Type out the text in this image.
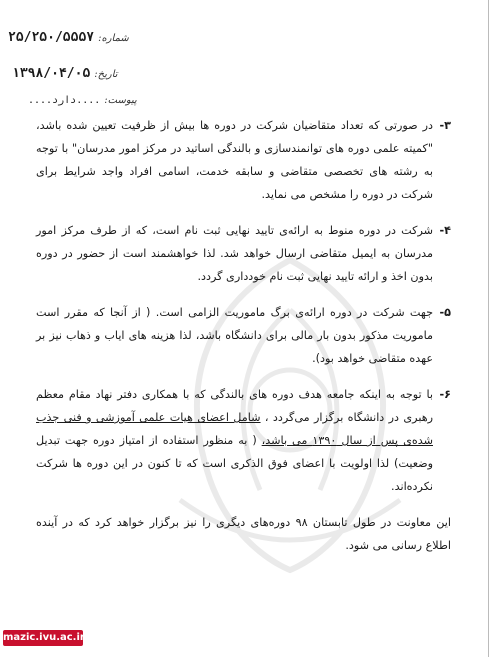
شماره:
۲۵/۲۵۰/۵۵۵۷
تاریخ:
۱۳۹۸/۰۴/۰۵
پیوست:
....دارد....
۳-
در صورتی که تعداد متقاضیان شرکت در دوره ها بیش از ظرفیت تعیین شده باشد، "کمیته علمی دوره های توانمندسازی و بالندگی اساتید در مرکز امور مدرسان" با توجه به رشته های تخصصی متقاضی و سابقه خدمت، اسامی افراد واجد شرایط برای شرکت در دوره را مشخص می نماید.
۴-
شرکت در دوره منوط به ارائه‌ی تایید نهایی ثبت نام است، که از طرف مرکز امور مدرسان به ایمیل متقاضی ارسال خواهد شد. لذا خواهشمند است از حضور در دوره بدون اخذ و ارائه تایید نهایی ثبت نام خودداری گردد.
۵-
جهت شرکت در دوره ارائه‌ی برگ ماموریت الزامی است. ( از آنجا که مقرر است ماموریت مذکور بدون بار مالی برای دانشگاه باشد، لذا هزینه های ایاب و ذهاب نیز بر عهده متقاضی خواهد بود).
۶-
با توجه به اینکه جامعه هدف دوره های بالندگی که با همکاری دفتر نهاد مقام معظم رهبری در دانشگاه برگزار می‌گردد ، شامل اعضای هیات علمی آموزشی و فنی جذب شده‌ی پس از سال ۱۳۹۰ می باشد، ( به منظور استفاده از امتیاز دوره جهت تبدیل وضعیت) لذا اولویت با اعضای فوق الذکری است که تا کنون در این دوره ها شرکت نکرده‌اند.
این معاونت در طول تابستان ۹۸ دوره‌های دیگری را نیز برگزار خواهد کرد که در آینده اطلاع رسانی می شود.
mazic.ivu.ac.ir
